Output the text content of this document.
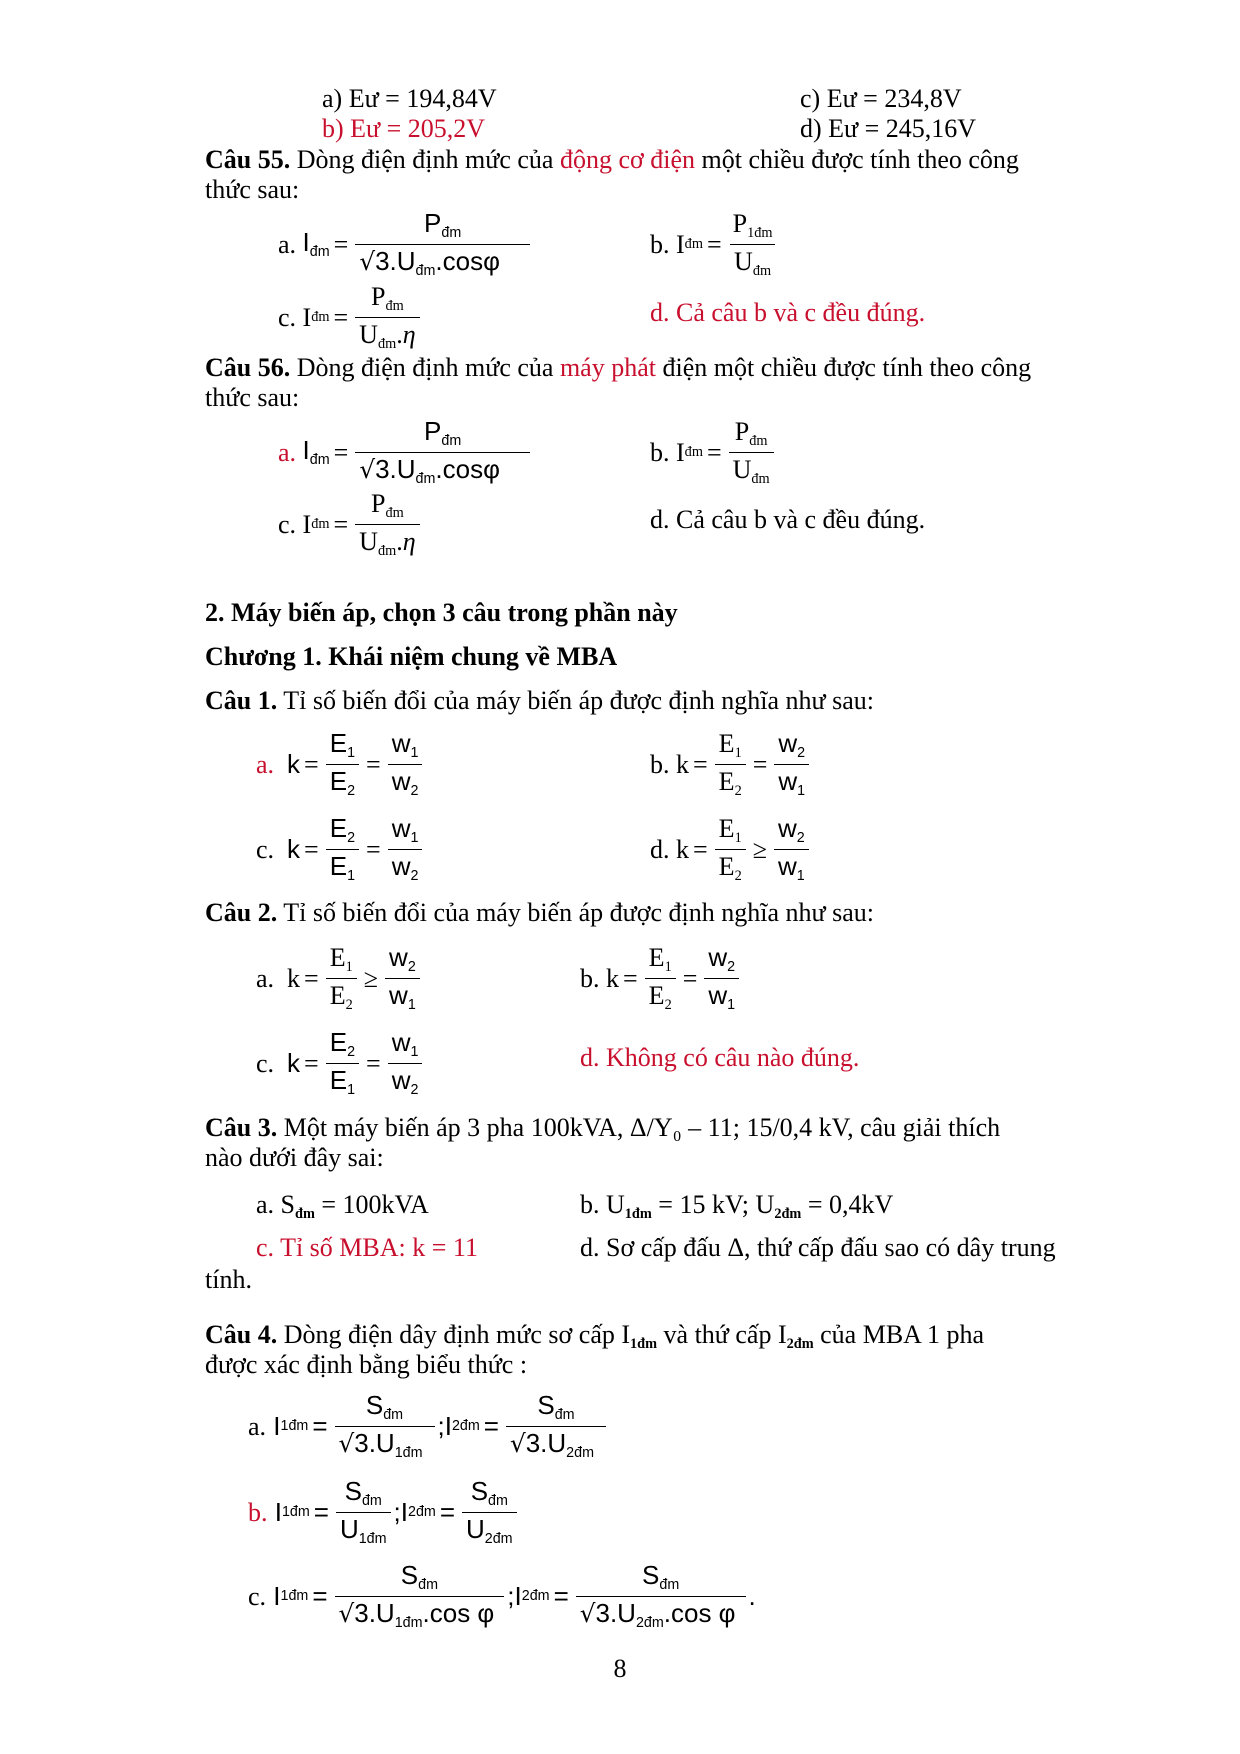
a) Eư = 194,84V
b) Eư = 205,2V
c) Eư = 234,8V
d) Eư = 245,16V
Câu 55. Dòng điện định mức của động cơ điện một chiều được tính theo công
thức sau:
a.
$I_{đm} = \frac{P_{đm}}{√3.U_{đm}.\cos\varphi}$	b. I đm = $\frac{P_{1đm}}{U_{đm}}$
c. I đm = $\frac{P_{đm}}{U_{đm}.\eta}$	d. Cả câu b và c đều đúng.
Câu 56. Dòng điện định mức của máy phát điện một chiều được tính theo công
thức sau:
a.
$I_{đm} = \frac{P_{đm}}{√3.U_{đm}.\cos\varphi}$	b. I đm = $\frac{P_{đm}}{U_{đm}}$
c. I đm = $\frac{P_{đm}}{U_{đm}.\eta}$	d. Cả câu b và c đều đúng.
2. Máy biến áp, chọn 3 câu trong phần này
Chương 1. Khái niệm chung về MBA
Câu 1. Tỉ số biến đổi của máy biến áp được định nghĩa như sau:
a.
$k = \frac{E_1}{E_2} = \frac{w_1}{w_2}$	b. $k = \frac{E_1}{E_2} = \frac{w_2}{w_1}$
c.
$k = \frac{E_2}{E_1} = \frac{w_1}{w_2}$	d. $k = \frac{E_1}{E_2} \ge \frac{w_2}{w_1}$
Câu 2. Tỉ số biến đổi của máy biến áp được định nghĩa như sau:
a. $k = \frac{E_1}{E_2} \ge \frac{w_2}{w_1}$	b. $k = \frac{E_1}{E_2} = \frac{w_2}{w_1}$
c.
$k = \frac{E_2}{E_1} = \frac{w_1}{w_2}$	d. Không có câu nào đúng.
Câu 3. Một máy biến áp 3 pha 100kVA, Δ/Y₀ – 11; 15/0,4 kV, câu giải thích
nào dưới đây sai:
a. $S_{đm} = 100kVA$	b. $U_{1đm} = 15$ kV; $U_{2đm} = 0,4kV$
c. Tỉ số MBA: k = 11	d. Sơ cấp đấu Δ, thứ cấp đấu sao có dây trung
tính.
Câu 4. Dòng điện dây định mức sơ cấp $I_{1đm}$ và thứ cấp $I_{2đm}$ của MBA 1 pha
được xác định bằng biểu thức :
a. I 1đm = $\frac{S_{đm}}{√3.U_{1đm}}$ ;I 2đm = $\frac{S_{đm}}{√3.U_{2đm}}$
b. I 1đm = $\frac{S_{đm}}{U_{1đm}}$ ;I 2đm = $\frac{S_{đm}}{U_{2đm}}$
c. I 1đm = $\frac{S_{đm}}{√3.U_{1đm}.\cos \varphi}$ ;I 2đm = $\frac{S_{đm}}{√3.U_{2đm}.\cos \varphi}$ .
8
